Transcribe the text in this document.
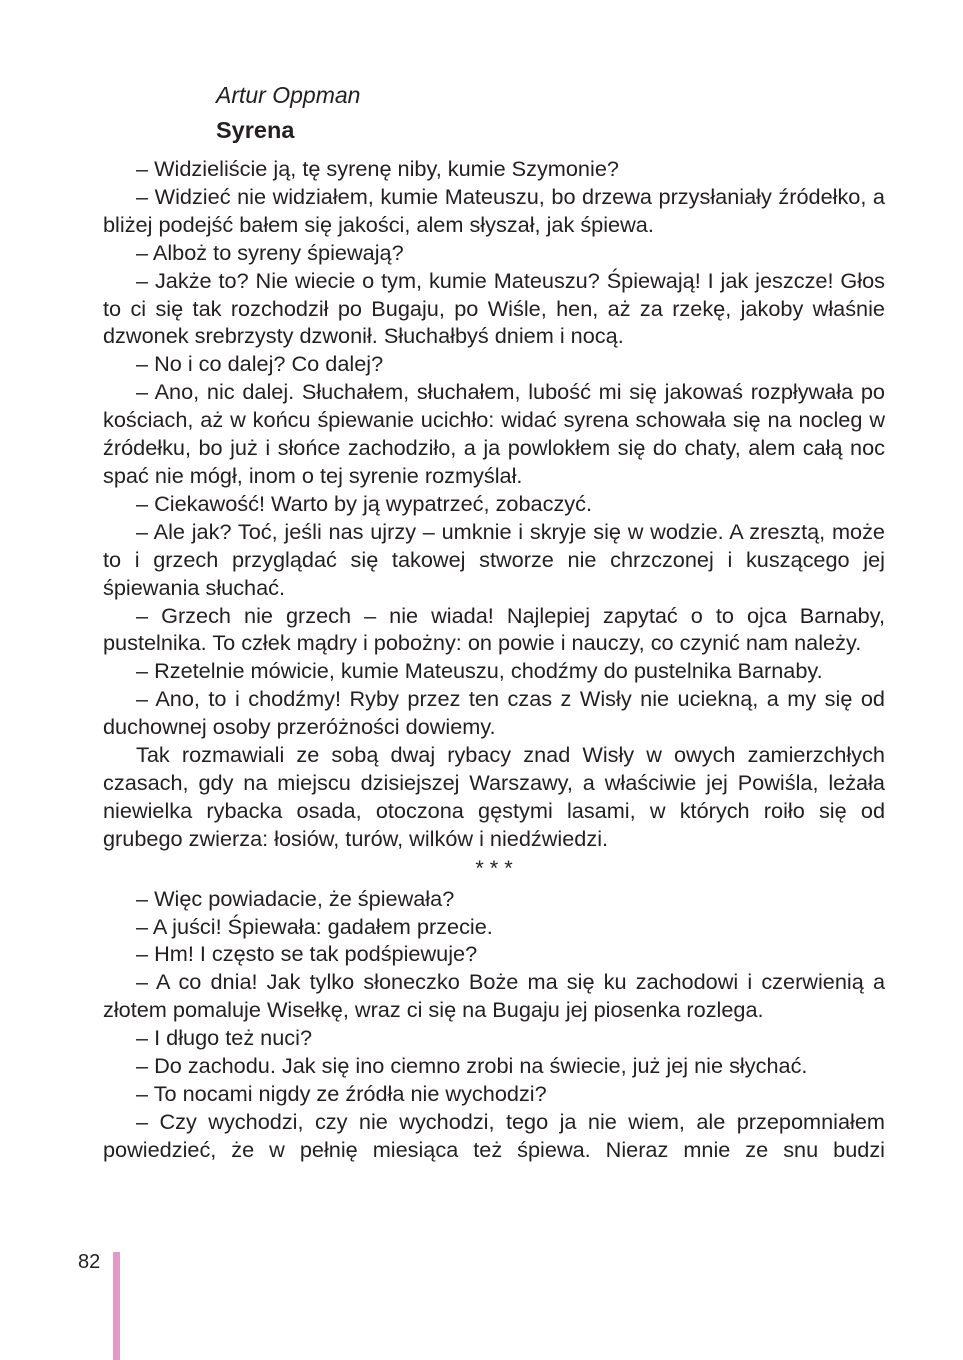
Artur Oppman
Syrena

– Widzieliście ją, tę syrenę niby, kumie Szymonie?

– Widzieć nie widziałem, kumie Mateuszu, bo drzewa przysłaniały źródełko, a bliżej podejść bałem się jakości, alem słyszał, jak śpiewa.

– Alboż to syreny śpiewają?

– Jakże to? Nie wiecie o tym, kumie Mateuszu? Śpiewają! I jak jeszcze! Głos to ci się tak rozchodził po Bugaju, po Wiśle, hen, aż za rzekę, jakoby właśnie dzwonek srebrzysty dzwonił. Słuchałbyś dniem i nocą.

– No i co dalej? Co dalej?

– Ano, nic dalej. Słuchałem, słuchałem, lubość mi się jakowaś rozpływała po kościach, aż w końcu śpiewanie ucichło: widać syrena schowała się na nocleg w źródełku, bo już i słońce zachodziło, a ja powlokłem się do chaty, alem całą noc spać nie mógł, inom o tej syrenie rozmyślał.

– Ciekawość! Warto by ją wypatrzeć, zobaczyć.

– Ale jak? Toć, jeśli nas ujrzy – umknie i skryje się w wodzie. A zresztą, może to i grzech przyglądać się takowej stworze nie chrzczonej i kuszącego jej śpiewania słuchać.

– Grzech nie grzech – nie wiada! Najlepiej zapytać o to ojca Barnaby, pustelnika. To człek mądry i pobożny: on powie i nauczy, co czynić nam należy.

– Rzetelnie mówicie, kumie Mateuszu, chodźmy do pustelnika Barnaby.

– Ano, to i chodźmy! Ryby przez ten czas z Wisły nie uciekną, a my się od duchownej osoby przeróżności dowiemy.

Tak rozmawiali ze sobą dwaj rybacy znad Wisły w owych zamierzchłych czasach, gdy na miejscu dzisiejszej Warszawy, a właściwie jej Powiśla, leżała niewielka rybacka osada, otoczona gęstymi lasami, w których roiło się od grubego zwierza: łosiów, turów, wilków i niedźwiedzi.

* * *

– Więc powiadacie, że śpiewała?

– A juści! Śpiewała: gadałem przecie.

– Hm! I często se tak podśpiewuje?

– A co dnia! Jak tylko słoneczko Boże ma się ku zachodowi i czerwienią a złotem pomaluje Wisełkę, wraz ci się na Bugaju jej piosenka rozlega.

– I długo też nuci?

– Do zachodu. Jak się ino ciemno zrobi na świecie, już jej nie słychać.

– To nocami nigdy ze źródła nie wychodzi?

– Czy wychodzi, czy nie wychodzi, tego ja nie wiem, ale przepomniałem powiedzieć, że w pełnię miesiąca też śpiewa. Nieraz mnie ze snu budzi

82
